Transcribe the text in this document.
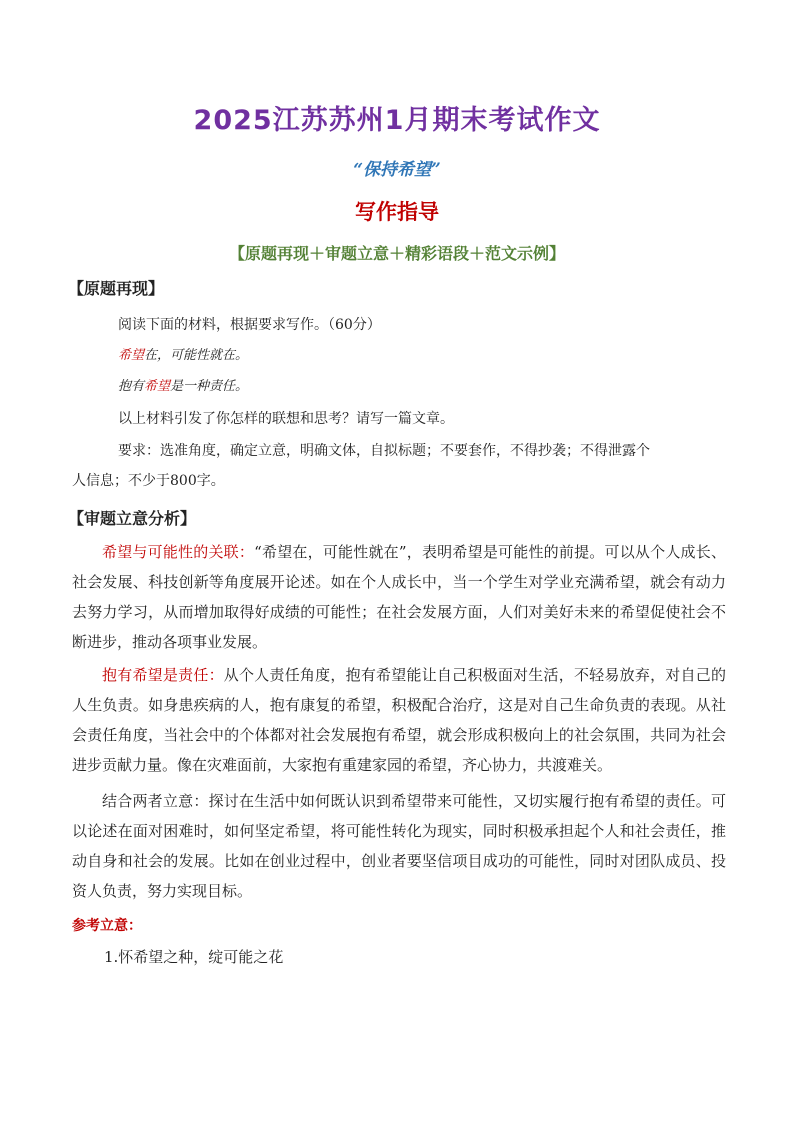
2025江苏苏州1月期末考试作文
“保持希望”
写作指导
【原题再现＋审题立意＋精彩语段＋范文示例】
【原题再现】
阅读下面的材料，根据要求写作。（60分）
希望在，可能性就在。
抱有希望是一种责任。
以上材料引发了你怎样的联想和思考？请写一篇文章。
要求：选准角度，确定立意，明确文体，自拟标题；不要套作，不得抄袭；不得泄露个
人信息；不少于800字。
【审题立意分析】

希望与可能性的关联：“希望在，可能性就在”，表明希望是可能性的前提。可以从个人成长、社会发展、科技创新等角度展开论述。如在个人成长中，当一个学生对学业充满希望，就会有动力去努力学习，从而增加取得好成绩的可能性；在社会发展方面，人们对美好未来的希望促使社会不断进步，推动各项事业发展。

抱有希望是责任：从个人责任角度，抱有希望能让自己积极面对生活，不轻易放弃，对自己的人生负责。如身患疾病的人，抱有康复的希望，积极配合治疗，这是对自己生命负责的表现。从社会责任角度，当社会中的个体都对社会发展抱有希望，就会形成积极向上的社会氛围，共同为社会进步贡献力量。像在灾难面前，大家抱有重建家园的希望，齐心协力，共渡难关。

结合两者立意：探讨在生活中如何既认识到希望带来可能性，又切实履行抱有希望的责任。可以论述在面对困难时，如何坚定希望，将可能性转化为现实，同时积极承担起个人和社会责任，推动自身和社会的发展。比如在创业过程中，创业者要坚信项目成功的可能性，同时对团队成员、投资人负责，努力实现目标。

参考立意：
1.怀希望之种，绽可能之花
